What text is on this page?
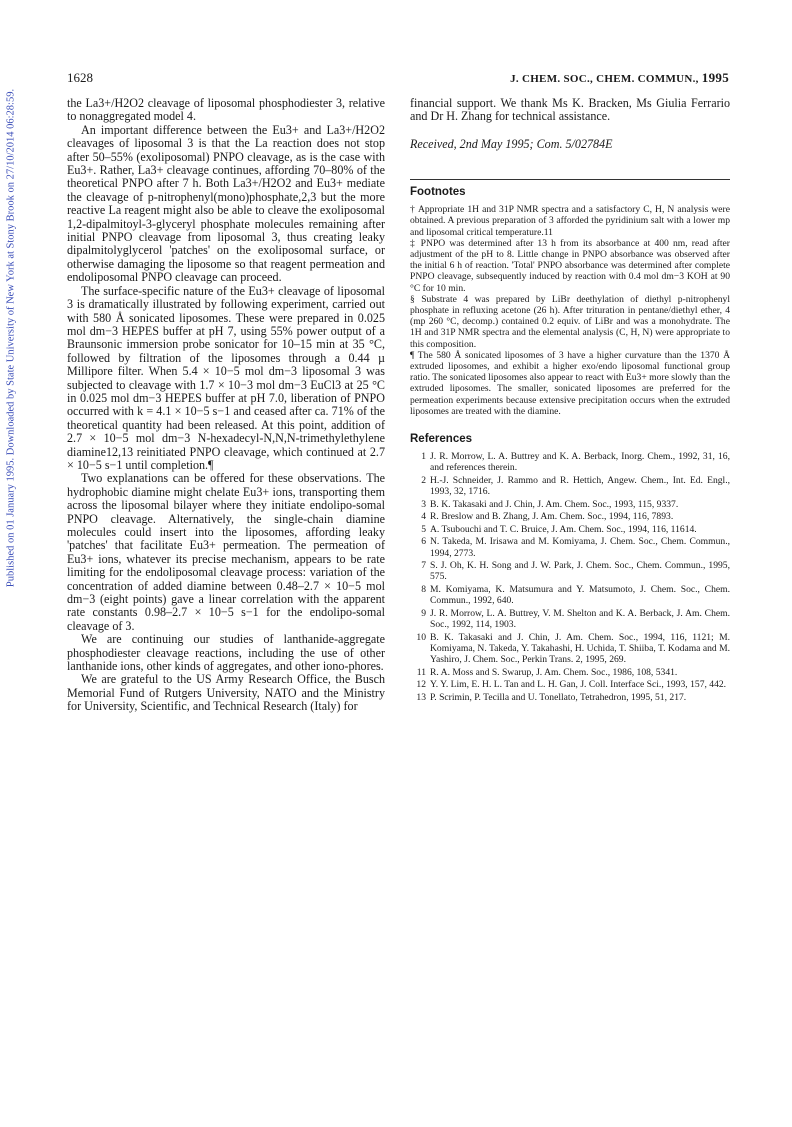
Published on 01 January 1995. Downloaded by State University of New York at Stony Brook on 27/10/2014 06:28:59.
1628	J. CHEM. SOC., CHEM. COMMUN., 1995

the La3+/H2O2 cleavage of liposomal phosphodiester 3, relative to nonaggregated model 4.

An important difference between the Eu3+ and La3+/H2O2 cleavages of liposomal 3 is that the La reaction does not stop after 50–55% (exoliposomal) PNPO cleavage, as is the case with Eu3+. Rather, La3+ cleavage continues, affording 70–80% of the theoretical PNPO after 7 h. Both La3+/H2O2 and Eu3+ mediate the cleavage of p-nitrophenyl(mono)phosphate,2,3 but the more reactive La reagent might also be able to cleave the exoliposomal 1,2-dipalmitoyl-3-glyceryl phosphate molecules remaining after initial PNPO cleavage from liposomal 3, thus creating leaky dipalmitolyglycerol 'patches' on the exoliposomal surface, or otherwise damaging the liposome so that reagent permeation and endoliposomal PNPO cleavage can proceed.

The surface-specific nature of the Eu3+ cleavage of liposomal 3 is dramatically illustrated by following experiment, carried out with 580 Å sonicated liposomes. These were prepared in 0.025 mol dm−3 HEPES buffer at pH 7, using 55% power output of a Braunsonic immersion probe sonicator for 10–15 min at 35 °C, followed by filtration of the liposomes through a 0.44 µ Millipore filter. When 5.4 × 10−5 mol dm−3 liposomal 3 was subjected to cleavage with 1.7 × 10−3 mol dm−3 EuCl3 at 25 °C in 0.025 mol dm−3 HEPES buffer at pH 7.0, liberation of PNPO occurred with k = 4.1 × 10−5 s−1 and ceased after ca. 71% of the theoretical quantity had been released. At this point, addition of 2.7 × 10−5 mol dm−3 N-hexadecyl-N,N,N-trimethylethylene diamine12,13 reinitiated PNPO cleavage, which continued at 2.7 × 10−5 s−1 until completion.¶

Two explanations can be offered for these observations. The hydrophobic diamine might chelate Eu3+ ions, transporting them across the liposomal bilayer where they initiate endolipo-somal PNPO cleavage. Alternatively, the single-chain diamine molecules could insert into the liposomes, affording leaky 'patches' that facilitate Eu3+ permeation. The permeation of Eu3+ ions, whatever its precise mechanism, appears to be rate limiting for the endoliposomal cleavage process: variation of the concentration of added diamine between 0.48–2.7 × 10−5 mol dm−3 (eight points) gave a linear correlation with the apparent rate constants 0.98–2.7 × 10−5 s−1 for the endolipo-somal cleavage of 3.

We are continuing our studies of lanthanide-aggregate phosphodiester cleavage reactions, including the use of other lanthanide ions, other kinds of aggregates, and other iono-phores.

We are grateful to the US Army Research Office, the Busch Memorial Fund of Rutgers University, NATO and the Ministry for University, Scientific, and Technical Research (Italy) for

financial support. We thank Ms K. Bracken, Ms Giulia Ferrario and Dr H. Zhang for technical assistance.

Received, 2nd May 1995; Com. 5/02784E

Footnotes

† Appropriate 1H and 31P NMR spectra and a satisfactory C, H, N analysis were obtained. A previous preparation of 3 afforded the pyridinium salt with a lower mp and liposomal critical temperature.11

‡ PNPO was determined after 13 h from its absorbance at 400 nm, read after adjustment of the pH to 8. Little change in PNPO absorbance was observed after the initial 6 h of reaction. 'Total' PNPO absorbance was determined after complete PNPO cleavage, subsequently induced by reaction with 0.4 mol dm−3 KOH at 90 °C for 10 min.

§ Substrate 4 was prepared by LiBr deethylation of diethyl p-nitrophenyl phosphate in refluxing acetone (26 h). After trituration in pentane/diethyl ether, 4 (mp 260 °C, decomp.) contained 0.2 equiv. of LiBr and was a monohydrate. The 1H and 31P NMR spectra and the elemental analysis (C, H, N) were appropriate to this composition.

¶ The 580 Å sonicated liposomes of 3 have a higher curvature than the 1370 Å extruded liposomes, and exhibit a higher exo/endo liposomal functional group ratio. The sonicated liposomes also appear to react with Eu3+ more slowly than the extruded liposomes. The smaller, sonicated liposomes are preferred for the permeation experiments because extensive precipitation occurs when the extruded liposomes are treated with the diamine.

References
1 J. R. Morrow, L. A. Buttrey and K. A. Berback, Inorg. Chem., 1992, 31, 16, and references therein.
2 H.-J. Schneider, J. Rammo and R. Hettich, Angew. Chem., Int. Ed. Engl., 1993, 32, 1716.
3 B. K. Takasaki and J. Chin, J. Am. Chem. Soc., 1993, 115, 9337.
4 R. Breslow and B. Zhang, J. Am. Chem. Soc., 1994, 116, 7893.
5 A. Tsubouchi and T. C. Bruice, J. Am. Chem. Soc., 1994, 116, 11614.
6 N. Takeda, M. Irisawa and M. Komiyama, J. Chem. Soc., Chem. Commun., 1994, 2773.
7 S. J. Oh, K. H. Song and J. W. Park, J. Chem. Soc., Chem. Commun., 1995, 575.
8 M. Komiyama, K. Matsumura and Y. Matsumoto, J. Chem. Soc., Chem. Commun., 1992, 640.
9 J. R. Morrow, L. A. Buttrey, V. M. Shelton and K. A. Berback, J. Am. Chem. Soc., 1992, 114, 1903.
10 B. K. Takasaki and J. Chin, J. Am. Chem. Soc., 1994, 116, 1121; M. Komiyama, N. Takeda, Y. Takahashi, H. Uchida, T. Shiiba, T. Kodama and M. Yashiro, J. Chem. Soc., Perkin Trans. 2, 1995, 269.
11 R. A. Moss and S. Swarup, J. Am. Chem. Soc., 1986, 108, 5341.
12 Y. Y. Lim, E. H. L. Tan and L. H. Gan, J. Coll. Interface Sci., 1993, 157, 442.
13 P. Scrimin, P. Tecilla and U. Tonellato, Tetrahedron, 1995, 51, 217.
